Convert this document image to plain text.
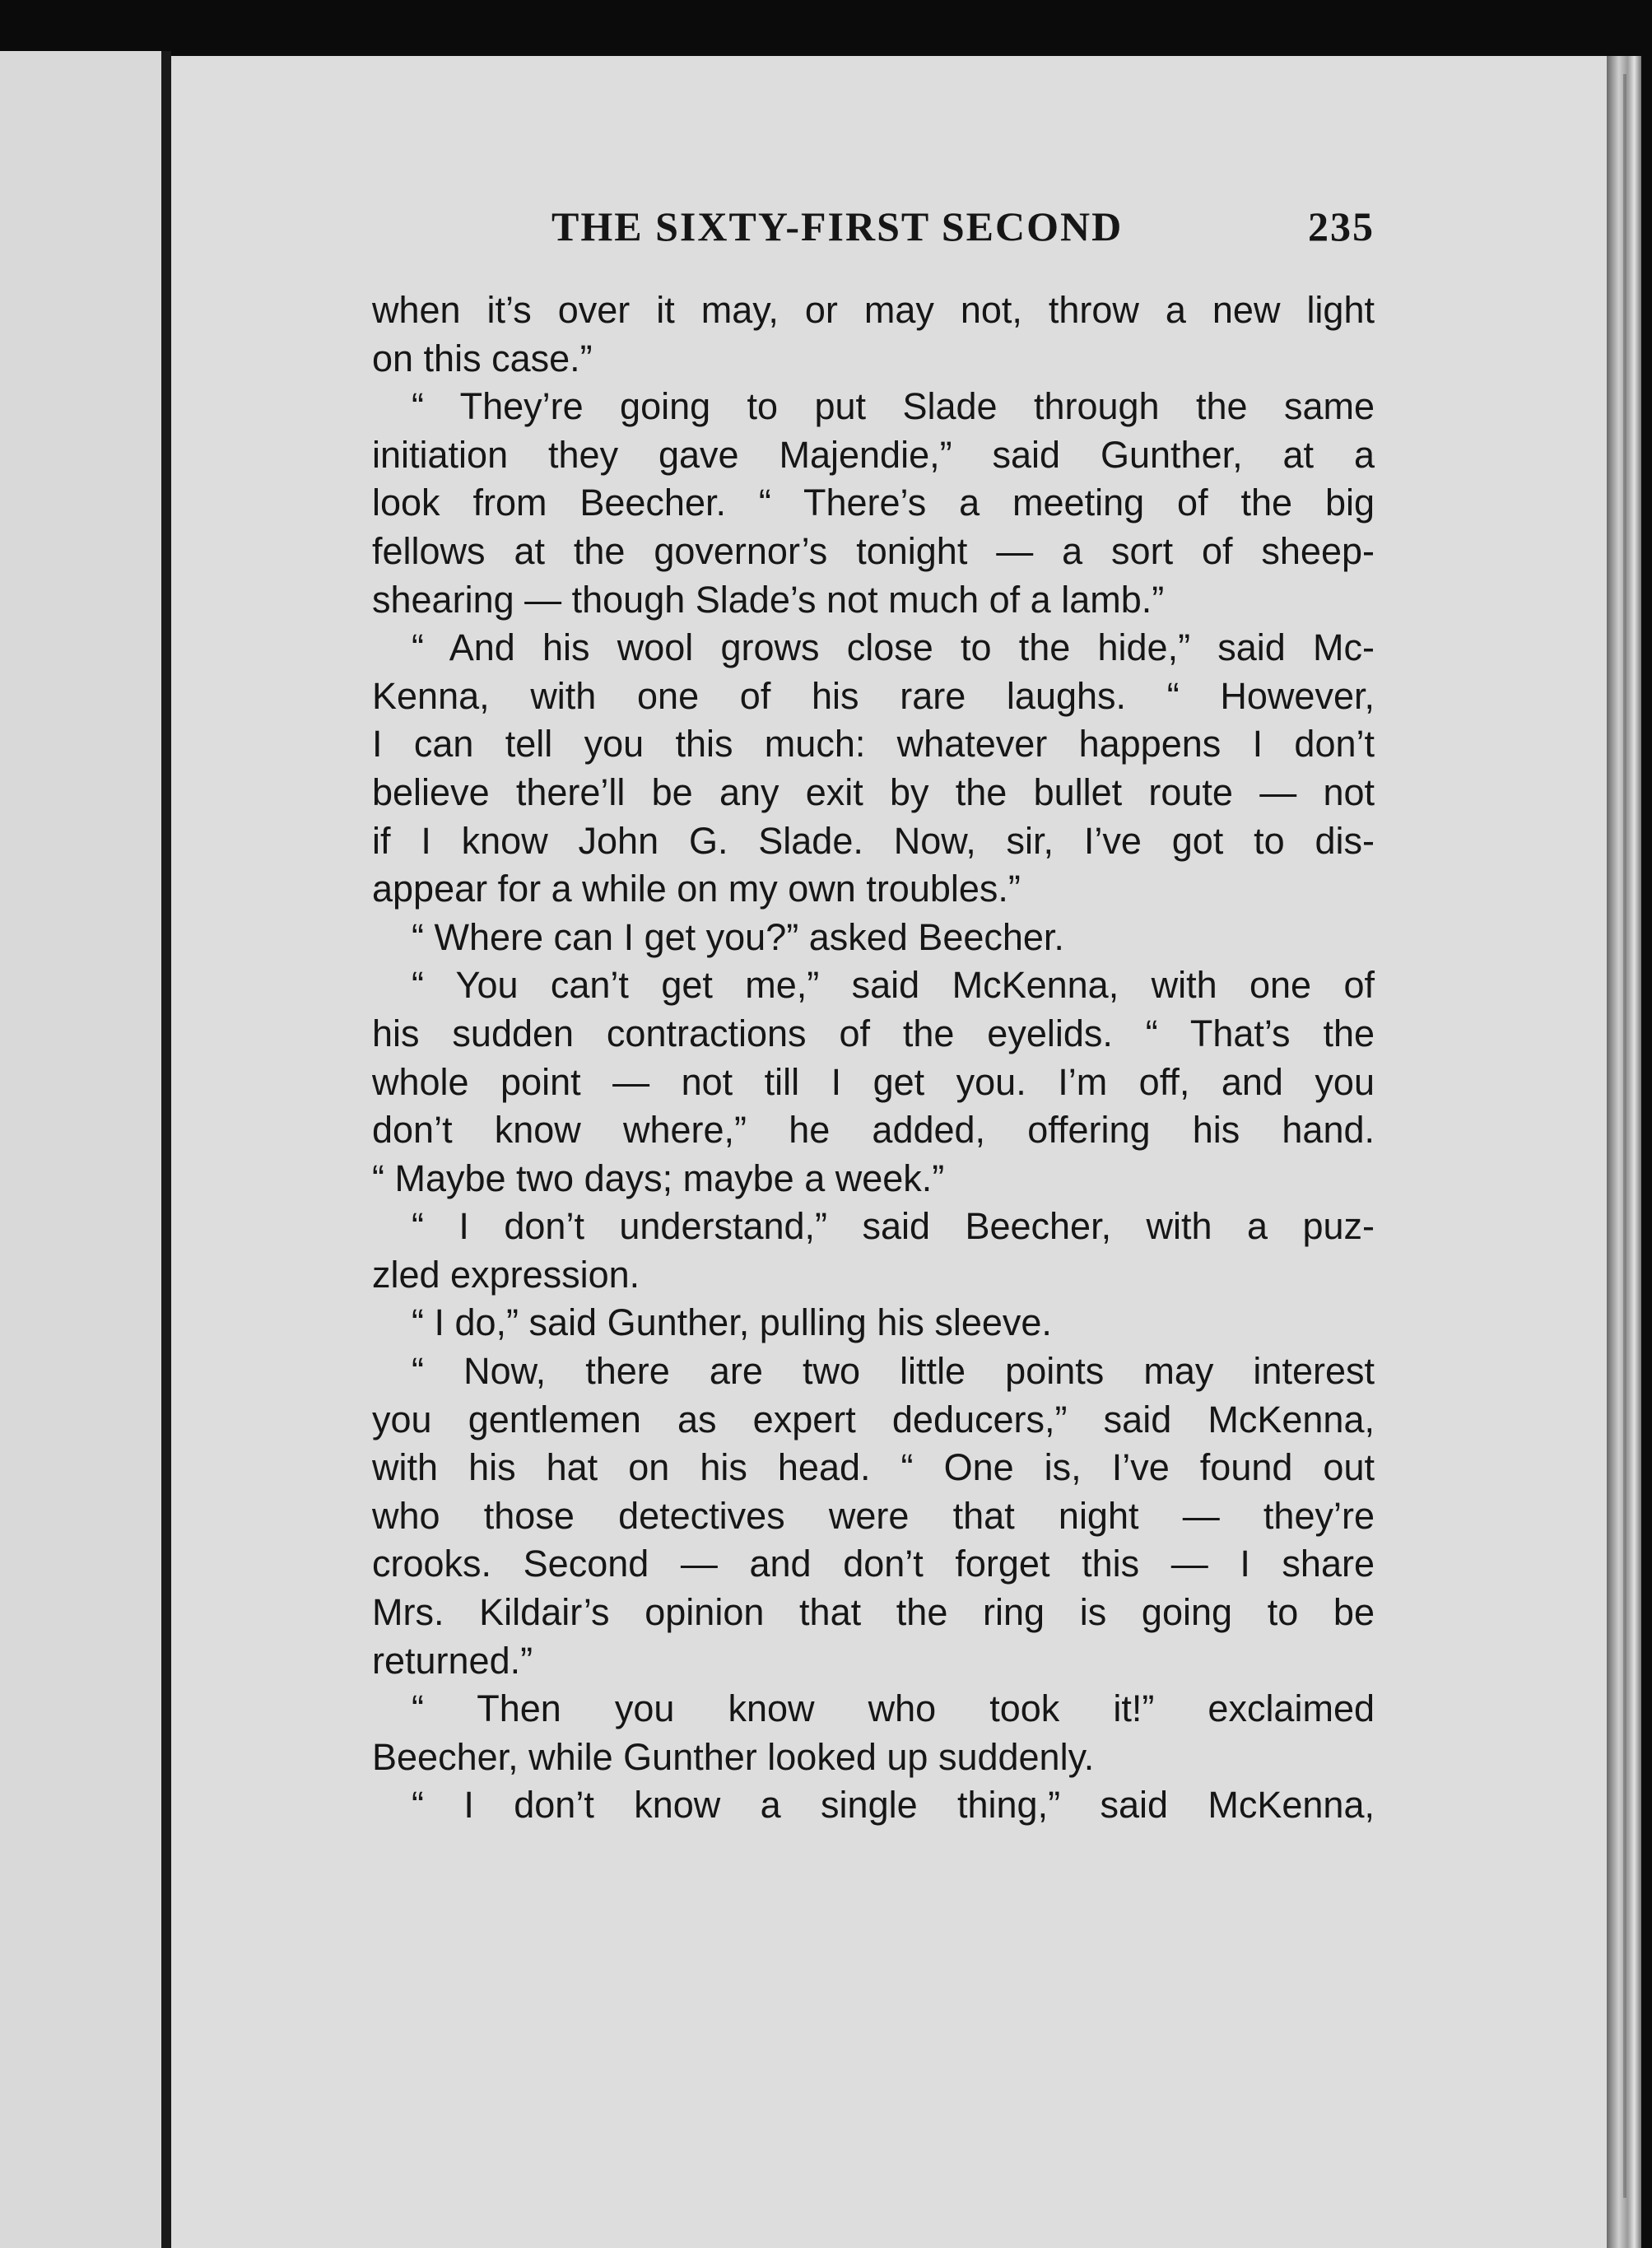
THE SIXTY-FIRST SECOND	235
when it’s over it may, or may not, throw a new light
on this case.”
“ They’re going to put Slade through the same
initiation they gave Majendie,” said Gunther, at a
look from Beecher. “ There’s a meeting of the big
fellows at the governor’s tonight — a sort of sheep-
shearing — though Slade’s not much of a lamb.”
“ And his wool grows close to the hide,” said Mc-
Kenna, with one of his rare laughs. “ However,
I can tell you this much: whatever happens I don’t
believe there’ll be any exit by the bullet route — not
if I know John G. Slade. Now, sir, I’ve got to dis-
appear for a while on my own troubles.”
“ Where can I get you?” asked Beecher.
“ You can’t get me,” said McKenna, with one of
his sudden contractions of the eyelids. “ That’s the
whole point — not till I get you. I’m off, and you
don’t know where,” he added, offering his hand.
“ Maybe two days; maybe a week.”
“ I don’t understand,” said Beecher, with a puz-
zled expression.
“ I do,” said Gunther, pulling his sleeve.
“ Now, there are two little points may interest
you gentlemen as expert deducers,” said McKenna,
with his hat on his head. “ One is, I’ve found out
who those detectives were that night — they’re
crooks. Second — and don’t forget this — I share
Mrs. Kildair’s opinion that the ring is going to be
returned.”
“ Then you know who took it!” exclaimed
Beecher, while Gunther looked up suddenly.
“ I don’t know a single thing,” said McKenna,
